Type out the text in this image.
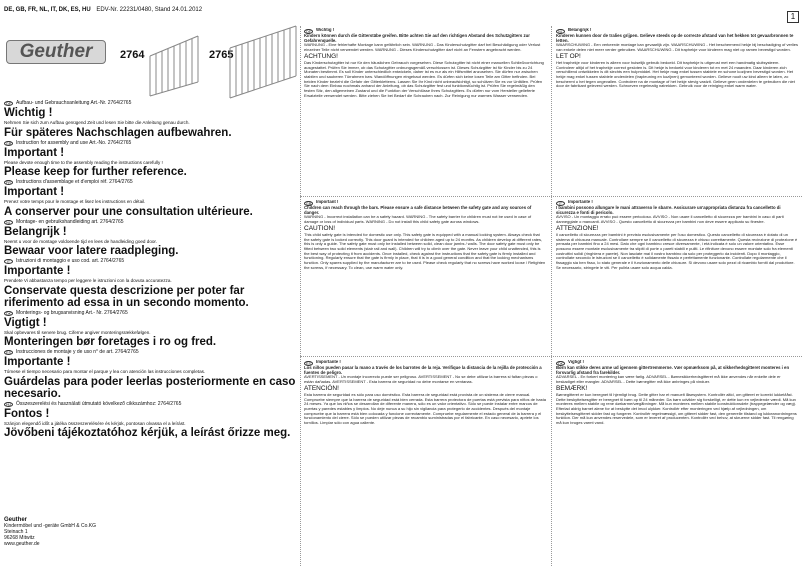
DE, GB, FR, NL, IT, DK, ES, HU EDV-Nr. 22231/0480, Stand 24.01.2012
1
Geuther	2764	2765
DE	Aufbau- und Gebrauchsanleitung Art.-Nr. 2764/2765
Wichtig !
Nehmen Sie sich zum Aufbau genügend Zeit und lesen Sie bitte die Anleitung genau durch.
Für späteres Nachschlagen aufbewahren.
GB Instruction for assembly and use Art.-No. 2764/2765
Important !
Please devote enough time to the assembly reading the instructions carefully !
Please keep for further reference.
FR	Instructions d'assemblage et d'emploi réf. 2764/2765
Important !
Prenez votre temps pour le montage et lisez les instructions en détail.
A conserver pour une consultation ultérieure.
NL	Montage- en gebruikshandleiding art. 2764/2765
Belangrijk !
Neemt u voor de montage voldoende tijd en lees de handleiding goed door.
Bewaar voor latere raadpleging.
IT	Istruzioni di montaggio e uso cod. art. 2764/2765
Importante !
Prendete Vi abbastanza tempo per leggere le istruzioni con la dovuta accuratezza.
Conservate questa descrizione per poter far riferimento ad essa in un secondo momento.
DK	Monterings- og brugsanvisning Art.- Nr. 2764/2765
Vigtigt !
Skal opbevares til senere brug. Ciferne angiver monteringsrækkefølgen.
Monteringen bør foretages i ro og fred.
ES	Instrucciones de montaje y de uso n° de art. 2764/2765
Importante !
Tómese el tiempo necesario para montar el parque y lea con atención las instrucciones completas.
Guárdelas para poder leerlas posteriormente en caso necesario.
HU Összeszerelési és használati útmutató kövelkező cikkszámhoz: 2764/2765
Fontos !
Szánjon elegendő időt a játéka összeszerelésére és kérjük, pontosan olvassa el a leírást.
Jövőbeni tájékoztatóhoz kérjük, a leírást őrizze meg.
Geuther
Kindermöbel und -geräte GmbH & Co.KG
Steinach 1
96268 Mitwitz
www.geuther.de
DE	Wichtig !
Kindern können durch die Gitterstäbe greifen. Bitte achten Sie auf den richtigen Abstand des Schutzgitters zur Gefahrenquelle.
WARNUNG - Eine fehlerhafte Montage kann gefährlich sein. WARNUNG - Das Kinderschutzgitter darf bei Beschädigung oder Verlust einzelner Teile nicht verwendet werden. WARNUNG - Dieses Kinderschutzgitter darf nicht an Fenstern angebracht werden.
ACHTUNG!
Das Kinderschutzgitter ist nur für den häuslichen Gebrauch vorgesehen. Diese Schutzgitter ist nicht einer manuellen Schließvorrichtung ausgestattet. Prüfen Sie immer, ob das Schutzgitter ordnungsgemäß verschlossen ist. Dieses Schutzgitter ist für Kinder bis zu 24 Monaten bestimmt. Es soll Kinder unterschiedlich entwickeln, daher ist es nur als ein Hilfsmittel anzusehen. Sie dürfen nur zwischen stabilen und sauberen Türrahmen bzw. Wandöffnungen eingebaut werden. Es dürfen sich keine losen Teile am Gitter befinden. Bei beiden Kinder bezieht die Gefahr der Gitterkletterns. Lassen Sie Ihr Kind nicht unbeaufsichtigt, so schützen Sie es vor Unfällen. Prüfen Sie nach dem Einbau nochmals anhand der Anleitung, ob das Schutzgitter fest und funktionstüchtig ist. Prüfen Sie regelmäßig den festen Sitz, den allgemeinen Zustand und die Funktion der Verschlüsse Ihres Schutzgitters. Es dürfen nur vom Hersteller gelieferte Ersatzteile verwendet werden. Bitte ziehen Sie bei Bedarf die Schrauben nach. Zur Reinigung nur warmes Wasser verwenden.
NL	Belangrijk !
Kinderen kunnen door de tralies grijpen. Gelieve steeds op de correcte afstand van het hekken tot gevaarbronnen te letten.
WAARSCHUWING - Een verkeerde montage kan gevaarlijk zijn. WAARSCHUWING - Het beschermend hekje bij beschadiging of verlies van enkele delen niet meer verder gebruiken. WAARSCHUWING - Dit traphekje voor kinderen mag niet op ramen bevestigd worden.
LET OP!
Het traphekje voor kinderen is alleen voor huiselijk gebruik bedoeld. Dit traphekje is uitgerust met een handmatig sluitsysteem. Controleer altijd of het traphekje correct gesloten is. Dit hekje is bedoeld voor kinderen tot en met 24 maanden. Daar kinderen zich verschillend ontwikkelen is dit slechts een hulpmiddel. Het hekje mag enkel tussen stabiele en schone kozijnen bevestigd worden. Het hekje mag enkel tussen stabiele onderdelen (trapleuning en kozijnen) gemonteerd worden. Gelieve nooit uw kind alleen te laten, zo beschermt u het tegen ongevallen. Controleer na de montage of het hekje stevig vastzit. Gelieve geen onderdelen te gebruiken die niet door de fabrikant geleverd werden. Schroeven regelmatig natrekken. Gebruik voor de reiniging enkel warm water.
GB	Important !
Children can reach through the bars. Please ensure a safe distance between the safety gate and any sources of danger.
WARNING - Incorrect installation can be a safety hazard. WARNING - The safety barrier for children must not be used in case of damage or loss of individual parts. WARNING - Do not install this child safety gate across windows.
CAUTION!
This child safety gate is intended for domestic use only. This safety gate is equipped with a manual locking system. Always check that the safety gate is locked correctly. This door guard is intended for children aged up to 24 months. As children develop at different rates, this is only a guide. The safety gate must only be installed between solid, clean door jambs / walls. The door safety gate must only be fitted between two solid elements (stair rail and wall). Children will try to climb over the gate. Never leave your child unattended, this is the best way of protecting it from accidents. Once installed, check against the instructions that the safety gate is firmly installed and functioning. Regularly ensure that the gate is firmly in place, that it is in a good general condition and that the locking mechanisms function. Only spares supplied by the manufacturer are to be used. Please check regularly that no screws have worked loose / Retighten the screws, if necessary. To clean, use warm water only.
IT	Importante !
I bambini possono allungare le mani attraverso le sbarre. Assicurare un'appropriata distanza fra cancelletto di sicurezza e fonti di pericolo.
AVVISO - Un montaggio errato può essere pericoloso. AVVISO - Non usare il cancelletto di sicurezza per bambini in caso di parti danneggiate o mancanti. AVVISO - Questo cancelletto di sicurezza per bambini non deve essere applicato su finestre.
ATTENZIONE!
Il cancelletto di sicurezza per bambini è previsto esclusivamente per l'uso domestico. Questo cancelletto di sicurezza è dotato di un sistema di chiusura manuale. Controllare sempre se il cancelletto di sicurezza è chiuso correttamente. Questa recinzione di protezione è pensata per bambini fino a 24 mesi. Dato che ogni bambino cresce diversamente, i età indicata è solo un valore orientativo. Esse possono essere montate esclusivamente tra stipiti di porte o pareti stabili e puliti. Le rifiniture devono essere montate solo fra elementi costruttivi solidi (ringhiera e parete). Non lasciate mai il vostro bambino da solo per proteggerlo da incidenti. Dopo il montaggio, controllate secondo le istruzioni se il cancelletto è solidamente fissato e perfettamente funzionante. Controllate regolarmente che il fissaggio sia ben fisso, lo stato generale e il funzionamento delle chiusure. Si devono usare solo pezzi di ricambio forniti dal produttore. Se necessario, stringete le viti. Per pulirla usare solo acqua calda.
ES	Importante !
Los niños pueden pasar la mano a través de los barrotes de la reja. Verifique la distancia de la rejilla de protección a fuentes de peligro.
AVERTISSEMENT - Un montaje incorrecto puede ser peligroso. AVERTISSEMENT - No se debe utilizar la barrera si faltan piezas o están dañadas. AVERTISSEMENT - Esta barrera de seguridad no debe montarse en ventanas.
ATENCIÓN!
Esta barrera de seguridad es sólo para uso doméstico. Esta barrera de seguridad está provista de un sistema de cierre manual. Compruebe siempre que la barrera de seguridad está bien cerrada. Esta barrera protectora de puertas está prevista para niños de hasta 24 meses. Ya que los niños se desarrollan de diferente manera, sólo es un valor orientativo. Sólo se puede instalar entre marcos de puertas y paredes estables y limpios. No deje nunca a su hijo sin vigilancia para protegerlo de accidentes. Después del montaje compruebe que la barrera está bien colocada y funcione correctamente. Compruebe regularmente el estado general de la barrera y el funcionamiento del cierre. Sólo se pueden utilizar piezas de recambio suministradas por el fabricante. En caso necesario, apriete los tornillos. Limpiar sólo con agua caliente.
DK	Vigtigt !
Børn kan stikke deres arme ud igennem gittertremmerne. Vær opmærksom på, at sikkerhedsgitteret monteres i en forsvarlig afstand fra farekilder.
ADVARSEL - En forkert montering kan være farlig. ADVARSEL - Børnesikkerhedsgitteret må ikke anvendes når enkelte dele er beskadiget eller mangler. ADVARSEL - Dette børnegitter må ikke anbringes på vinduer.
BEMÆRK!
Børnegitteret er kun beregnet til hjemligt brug. Dette gitter har et manuelt låsesystem. Kontrollér altid, om gitteret er korrekt lukket/låst. Dette beskyttelsesgitter er beregnet til børn op til 24 måneder. Da børn udvikler sig forskelligt, er dette kun en vejledende værdi. Må kun monteres mellem stabile og rene dørkarme/vægåbninger. Må kun monteres mellem stabile konstruktionsdele (trappegelænder og væg). Efterlad aldrig barnet alene for at beskytte det imod ulykker. Kontrollér efter monteringen ved hjælp af vejledningen, om beskyttelsesgitteret sidder fast og fungerer. Kontrollér regelmæssigt, om gitteret sidder fast, den generelle tilstand og lukkeanordningens funktion. Der må kun anvendes reservedele, som er leveret af producenten. Kontrollér ved behov, at skruerne sidder fast. Til rengøring må kun bruges varmt vand.
